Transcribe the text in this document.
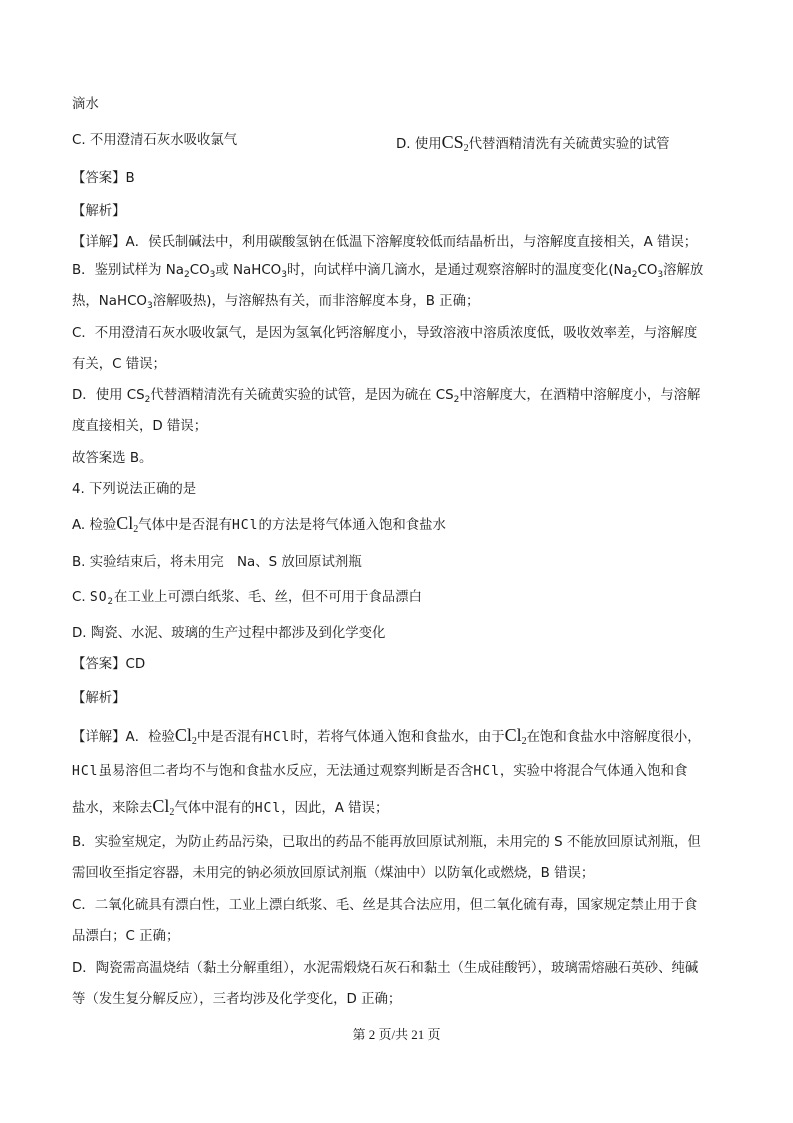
滴水
C. 不用澄清石灰水吸收氯气	D. 使用$CS_2$代替酒精清洗有关硫黄实验的试管
【答案】B
【解析】
【详解】A．侯氏制碱法中，利用碳酸氢钠在低温下溶解度较低而结晶析出，与溶解度直接相关，A 错误；
B．鉴别试样为 $Na_2CO_3$或 NaHCO$_3$时，向试样中滴几滴水，是通过观察溶解时的温度变化($Na_2CO_3$溶解放
热，NaHCO$_3$溶解吸热)，与溶解热有关，而非溶解度本身，B 正确；
C．不用澄清石灰水吸收氯气，是因为氢氧化钙溶解度小，导致溶液中溶质浓度低，吸收效率差，与溶解度
有关，C 错误；
D．使用 $CS_2$代替酒精清洗有关硫黄实验的试管，是因为硫在 $CS_2$中溶解度大，在酒精中溶解度小，与溶解
度直接相关，D 错误；
故答案选 B。
4. 下列说法正确的是
A. 检验$Cl_2$气体中是否混有HCl的方法是将气体通入饱和食盐水
B. 实验结束后，将未用完　Na、S 放回原试剂瓶
C. $SO_2$在工业上可漂白纸浆、毛、丝，但不可用于食品漂白
D. 陶瓷、水泥、玻璃的生产过程中都涉及到化学变化
【答案】CD
【解析】
【详解】A．检验$Cl_2$中是否混有HCl时，若将气体通入饱和食盐水，由于$Cl_2$在饱和食盐水中溶解度很小，
HCl虽易溶但二者均不与饱和食盐水反应，无法通过观察判断是否含HCl，实验中将混合气体通入饱和食
盐水，来除去$Cl_2$气体中混有的HCl，因此，A 错误；
B．实验室规定，为防止药品污染，已取出的药品不能再放回原试剂瓶，未用完的 S 不能放回原试剂瓶，但
需回收至指定容器，未用完的钠必须放回原试剂瓶（煤油中）以防氧化或燃烧，B 错误；
C．二氧化硫具有漂白性，工业上漂白纸浆、毛、丝是其合法应用，但二氧化硫有毒，国家规定禁止用于食
品漂白；C 正确；
D．陶瓷需高温烧结（黏土分解重组），水泥需煅烧石灰石和黏土（生成硅酸钙），玻璃需熔融石英砂、纯碱
等（发生复分解反应），三者均涉及化学变化，D 正确；
第 2 页/共 21 页
